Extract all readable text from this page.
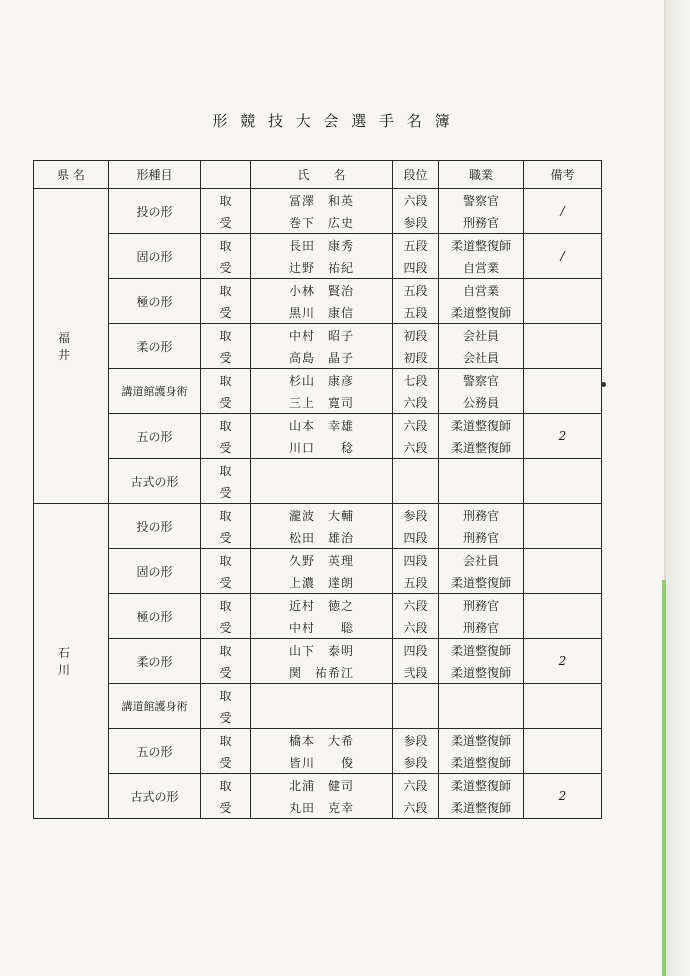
形 競 技 大 会 選 手 名 簿
県 名	形種目		氏　　名	段位	職業	備考
福　井	投の形	取	冨澤　和英	六段	警察官	/
		受	巻下　広史	参段	刑務官	
	固の形	取	長田　康秀	五段	柔道整復師	/
		受	辻野　祐紀	四段	自営業	
	極の形	取	小林　賢治	五段	自営業	
		受	黒川　康信	五段	柔道整復師	
	柔の形	取	中村　昭子	初段	会社員	
		受	高島　晶子	初段	会社員	
	講道館護身術	取	杉山　康彦	七段	警察官	
		受	三上　寛司	六段	公務員	
	五の形	取	山本　幸雄	六段	柔道整復師	2
		受	川口　　稔	六段	柔道整復師	
	古式の形	取				
		受				
石　川	投の形	取	瀧波　大輔	参段	刑務官	
		受	松田　雄治	四段	刑務官	
	固の形	取	久野　英理	四段	会社員	
		受	上濃　達朗	五段	柔道整復師	
	極の形	取	近村　徳之	六段	刑務官	
		受	中村　　聡	六段	刑務官	
	柔の形	取	山下　泰明	四段	柔道整復師	2
		受	関　祐希江	弐段	柔道整復師	
	講道館護身術	取				
		受				
	五の形	取	橋本　大希	参段	柔道整復師	
		受	皆川　　俊	参段	柔道整復師	
	古式の形	取	北浦　健司	六段	柔道整復師	2
		受	丸田　克幸	六段	柔道整復師	
